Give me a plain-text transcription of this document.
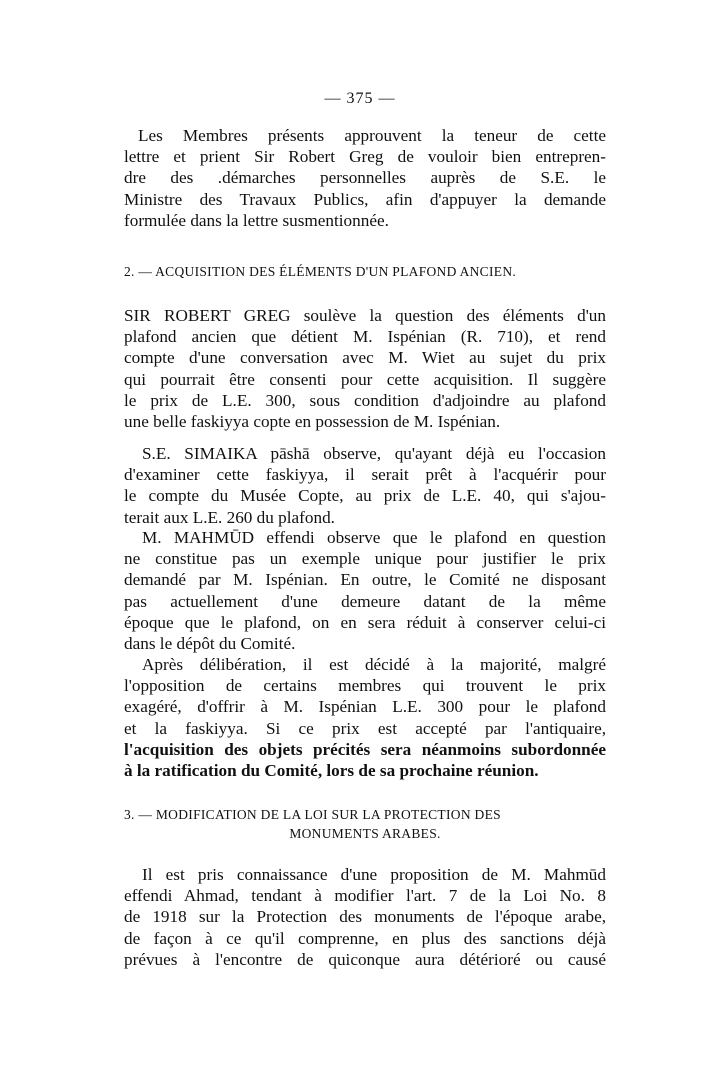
— 375 —
Les Membres présents approuvent la teneur de cette
lettre et prient Sir Robert Greg de vouloir bien entrepren-
dre des .démarches personnelles auprès de S.E. le
Ministre des Travaux Publics, afin d'appuyer la demande
formulée dans la lettre susmentionnée.
2. — ACQUISITION DES ÉLÉMENTS D'UN PLAFOND ANCIEN.
SIR ROBERT GREG soulève la question des éléments d'un
plafond ancien que détient M. Ispénian (R. 710), et rend
compte d'une conversation avec M. Wiet au sujet du prix
qui pourrait être consenti pour cette acquisition. Il suggère
le prix de L.E. 300, sous condition d'adjoindre au plafond
une belle faskiyya copte en possession de M. Ispénian.
S.E. SIMAIKA pāshā observe, qu'ayant déjà eu l'occasion
d'examiner cette faskiyya, il serait prêt à l'acquérir pour
le compte du Musée Copte, au prix de L.E. 40, qui s'ajou-
terait aux L.E. 260 du plafond.
M. MAHMŪD effendi observe que le plafond en question
ne constitue pas un exemple unique pour justifier le prix
demandé par M. Ispénian. En outre, le Comité ne disposant
pas actuellement d'une demeure datant de la même
époque que le plafond, on en sera réduit à conserver celui-ci
dans le dépôt du Comité.
Après délibération, il est décidé à la majorité, malgré
l'opposition de certains membres qui trouvent le prix
exagéré, d'offrir à M. Ispénian L.E. 300 pour le plafond
et la faskiyya. Si ce prix est accepté par l'antiquaire,
l'acquisition des objets précités sera néanmoins subordonnée
à la ratification du Comité, lors de sa prochaine réunion.
3. — MODIFICATION DE LA LOI SUR LA PROTECTION DES
MONUMENTS ARABES.
Il est pris connaissance d'une proposition de M. Mahmūd
effendi Ahmad, tendant à modifier l'art. 7 de la Loi No. 8
de 1918 sur la Protection des monuments de l'époque arabe,
de façon à ce qu'il comprenne, en plus des sanctions déjà
prévues à l'encontre de quiconque aura détérioré ou causé
